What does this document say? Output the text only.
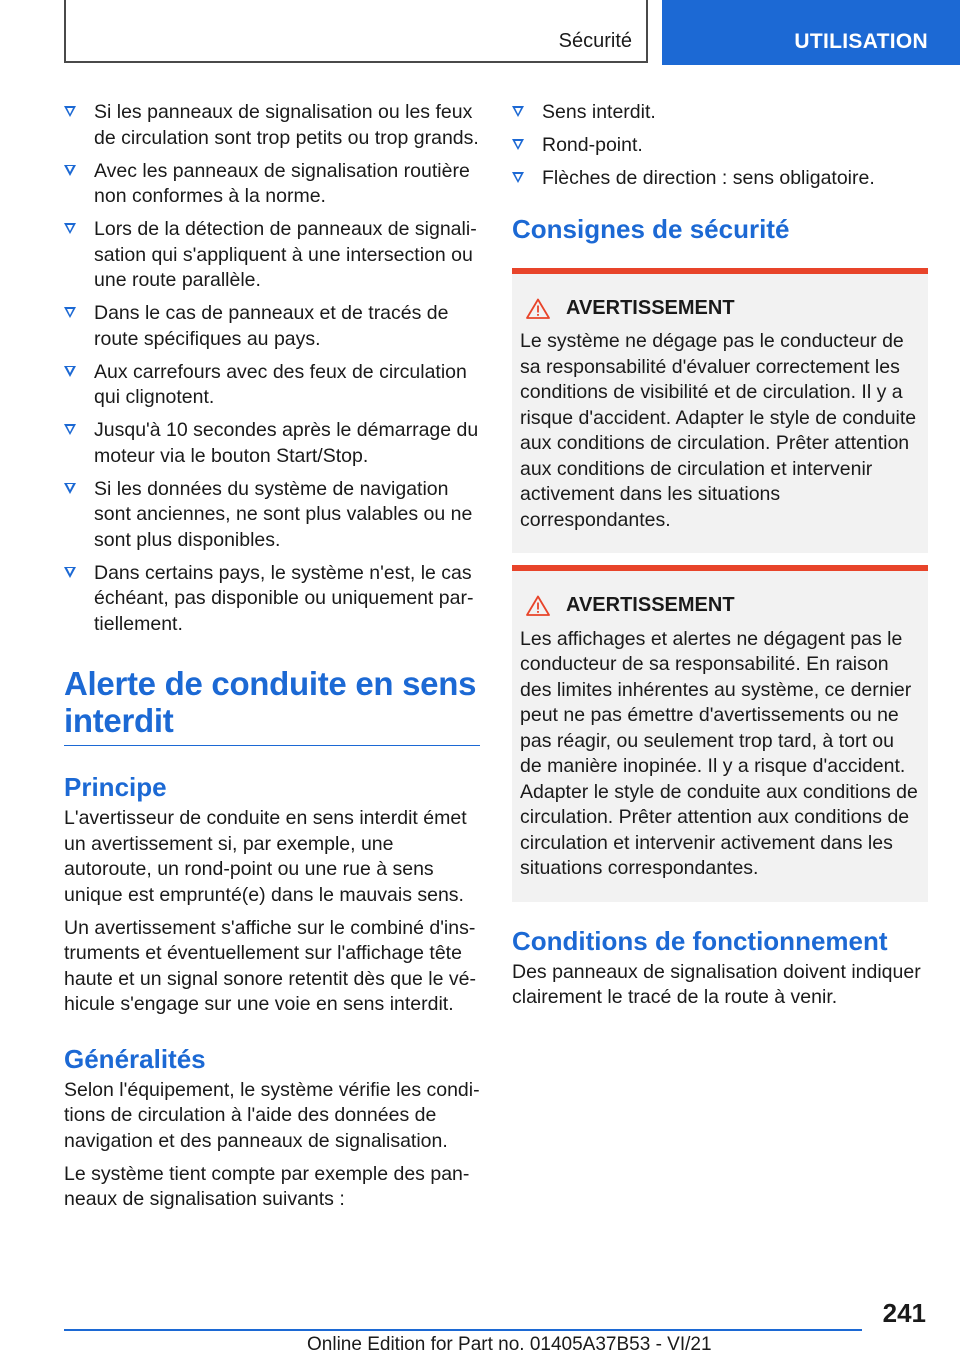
Sécurité	UTILISATION
Si les panneaux de signalisation ou les feux de circulation sont trop petits ou trop grands.
Avec les panneaux de signalisation routière non conformes à la norme.
Lors de la détection de panneaux de signalisation qui s'appliquent à une intersection ou une route parallèle.
Dans le cas de panneaux et de tracés de route spécifiques au pays.
Aux carrefours avec des feux de circulation qui clignotent.
Jusqu'à 10 secondes après le démarrage du moteur via le bouton Start/Stop.
Si les données du système de navigation sont anciennes, ne sont plus valables ou ne sont plus disponibles.
Dans certains pays, le système n'est, le cas échéant, pas disponible ou uniquement partiellement.
Alerte de conduite en sens interdit
Principe

L'avertisseur de conduite en sens interdit émet un avertissement si, par exemple, une autoroute, un rond-point ou une rue à sens unique est emprunté(e) dans le mauvais sens.

Un avertissement s'affiche sur le combiné d'instruments et éventuellement sur l'affichage tête haute et un signal sonore retentit dès que le véhicule s'engage sur une voie en sens interdit.

Généralités

Selon l'équipement, le système vérifie les conditions de circulation à l'aide des données de navigation et des panneaux de signalisation.

Le système tient compte par exemple des panneaux de signalisation suivants :

Sens interdit.
Rond-point.
Flèches de direction : sens obligatoire.
Consignes de sécurité
AVERTISSEMENT

Le système ne dégage pas le conducteur de sa responsabilité d'évaluer correctement les conditions de visibilité et de circulation. Il y a risque d'accident. Adapter le style de conduite aux conditions de circulation. Prêter attention aux conditions de circulation et intervenir activement dans les situations correspondantes.

AVERTISSEMENT

Les affichages et alertes ne dégagent pas le conducteur de sa responsabilité. En raison des limites inhérentes au système, ce dernier peut ne pas émettre d'avertissements ou ne pas réagir, ou seulement trop tard, à tort ou de manière inopinée. Il y a risque d'accident. Adapter le style de conduite aux conditions de circulation. Prêter attention aux conditions de circulation et intervenir activement dans les situations correspondantes.

Conditions de fonctionnement

Des panneaux de signalisation doivent indiquer clairement le tracé de la route à venir.

241
Online Edition for Part no. 01405A37B53 - VI/21
